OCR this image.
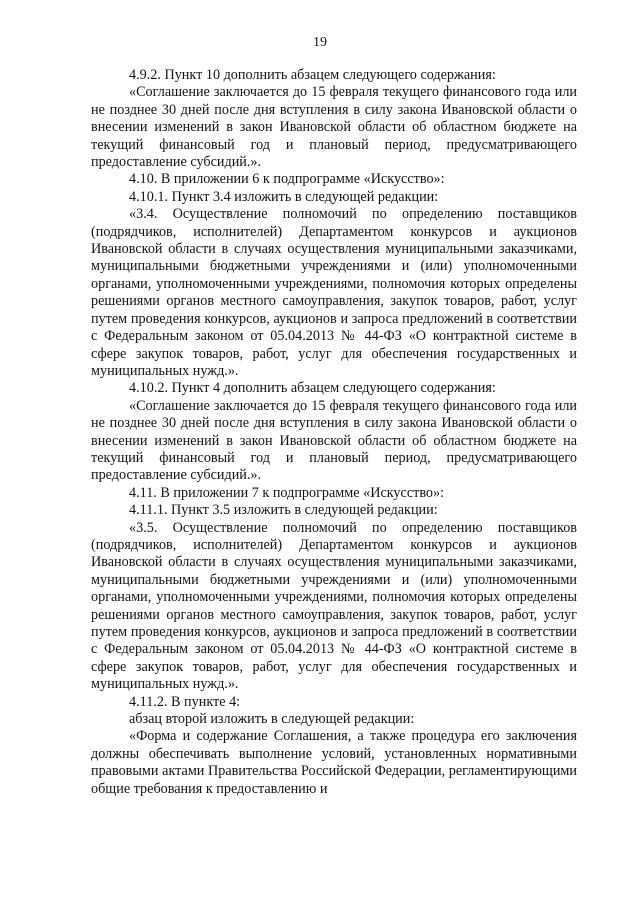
19

4.9.2. Пункт 10 дополнить абзацем следующего содержания:

«Соглашение заключается до 15 февраля текущего финансового года или не позднее 30 дней после дня вступления в силу закона Ивановской области о внесении изменений в закон Ивановской области об областном бюджете на текущий финансовый год и плановый период, предусматривающего предоставление субсидий.».

4.10. В приложении 6 к подпрограмме «Искусство»:

4.10.1. Пункт 3.4 изложить в следующей редакции:

«3.4. Осуществление полномочий по определению поставщиков (подрядчиков, исполнителей) Департаментом конкурсов и аукционов Ивановской области в случаях осуществления муниципальными заказчиками, муниципальными бюджетными учреждениями и (или) уполномоченными органами, уполномоченными учреждениями, полномочия которых определены решениями органов местного самоуправления, закупок товаров, работ, услуг путем проведения конкурсов, аукционов и запроса предложений в соответствии с Федеральным законом от 05.04.2013 № 44-ФЗ «О контрактной системе в сфере закупок товаров, работ, услуг для обеспечения государственных и муниципальных нужд.».

4.10.2. Пункт 4 дополнить абзацем следующего содержания:

«Соглашение заключается до 15 февраля текущего финансового года или не позднее 30 дней после дня вступления в силу закона Ивановской области о внесении изменений в закон Ивановской области об областном бюджете на текущий финансовый год и плановый период, предусматривающего предоставление субсидий.».

4.11. В приложении 7 к подпрограмме «Искусство»:

4.11.1. Пункт 3.5 изложить в следующей редакции:

«3.5. Осуществление полномочий по определению поставщиков (подрядчиков, исполнителей) Департаментом конкурсов и аукционов Ивановской области в случаях осуществления муниципальными заказчиками, муниципальными бюджетными учреждениями и (или) уполномоченными органами, уполномоченными учреждениями, полномочия которых определены решениями органов местного самоуправления, закупок товаров, работ, услуг путем проведения конкурсов, аукционов и запроса предложений в соответствии с Федеральным законом от 05.04.2013 № 44-ФЗ «О контрактной системе в сфере закупок товаров, работ, услуг для обеспечения государственных и муниципальных нужд.».

4.11.2. В пункте 4:

абзац второй изложить в следующей редакции:

«Форма и содержание Соглашения, а также процедура его заключения должны обеспечивать выполнение условий, установленных нормативными правовыми актами Правительства Российской Федерации, регламентирующими общие требования к предоставлению и
